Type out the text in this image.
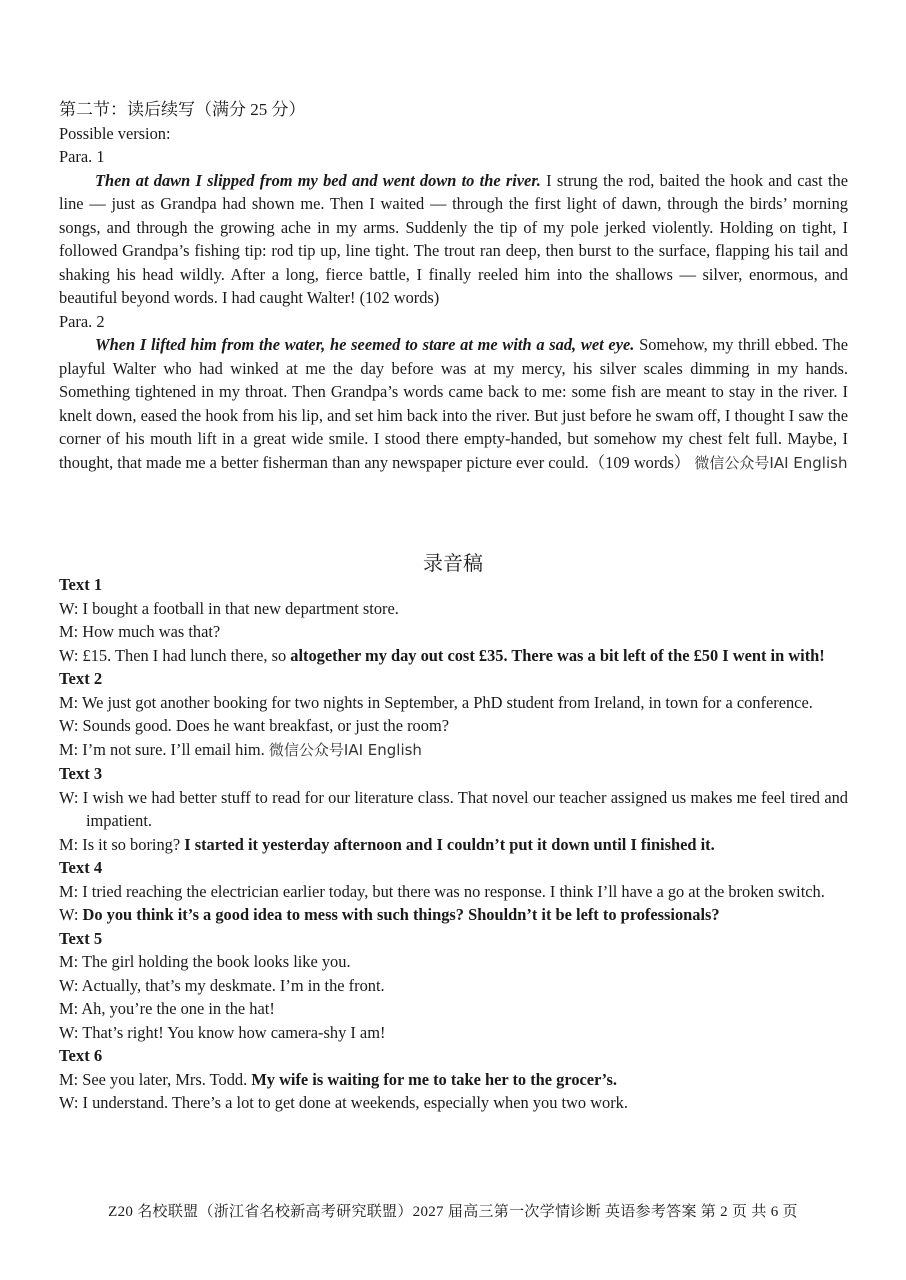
第二节：读后续写（满分 25 分）

Possible version:

Para. 1

Then at dawn I slipped from my bed and went down to the river. I strung the rod, baited the hook and cast the line — just as Grandpa had shown me. Then I waited — through the first light of dawn, through the birds’ morning songs, and through the growing ache in my arms. Suddenly the tip of my pole jerked violently. Holding on tight, I followed Grandpa’s fishing tip: rod tip up, line tight. The trout ran deep, then burst to the surface, flapping his tail and shaking his head wildly. After a long, fierce battle, I finally reeled him into the shallows — silver, enormous, and beautiful beyond words. I had caught Walter! (102 words)

Para. 2

When I lifted him from the water, he seemed to stare at me with a sad, wet eye. Somehow, my thrill ebbed. The playful Walter who had winked at me the day before was at my mercy, his silver scales dimming in my hands. Something tightened in my throat. Then Grandpa’s words came back to me: some fish are meant to stay in the river. I knelt down, eased the hook from his lip, and set him back into the river. But just before he swam off, I thought I saw the corner of his mouth lift in a great wide smile. I stood there empty-handed, but somehow my chest felt full. Maybe, I thought, that made me a better fisherman than any newspaper picture ever could.（109 words） 微信公众号IAI English

录音稿

Text 1

W: I bought a football in that new department store.

M: How much was that?

W: £15. Then I had lunch there, so altogether my day out cost £35. There was a bit left of the £50 I went in with!

Text 2

M: We just got another booking for two nights in September, a PhD student from Ireland, in town for a conference.

W: Sounds good. Does he want breakfast, or just the room?

M: I’m not sure. I’ll email him. 微信公众号IAI English

Text 3

W: I wish we had better stuff to read for our literature class. That novel our teacher assigned us makes me feel tired and impatient.

M: Is it so boring? I started it yesterday afternoon and I couldn’t put it down until I finished it.

Text 4

M: I tried reaching the electrician earlier today, but there was no response. I think I’ll have a go at the broken switch.

W: Do you think it’s a good idea to mess with such things? Shouldn’t it be left to professionals?

Text 5

M: The girl holding the book looks like you.

W: Actually, that’s my deskmate. I’m in the front.

M: Ah, you’re the one in the hat!

W: That’s right! You know how camera-shy I am!

Text 6

M: See you later, Mrs. Todd. My wife is waiting for me to take her to the grocer’s.

W: I understand. There’s a lot to get done at weekends, especially when you two work.

Z20 名校联盟（浙江省名校新高考研究联盟）2027 届高三第一次学情诊断 英语参考答案 第 2 页 共 6 页
